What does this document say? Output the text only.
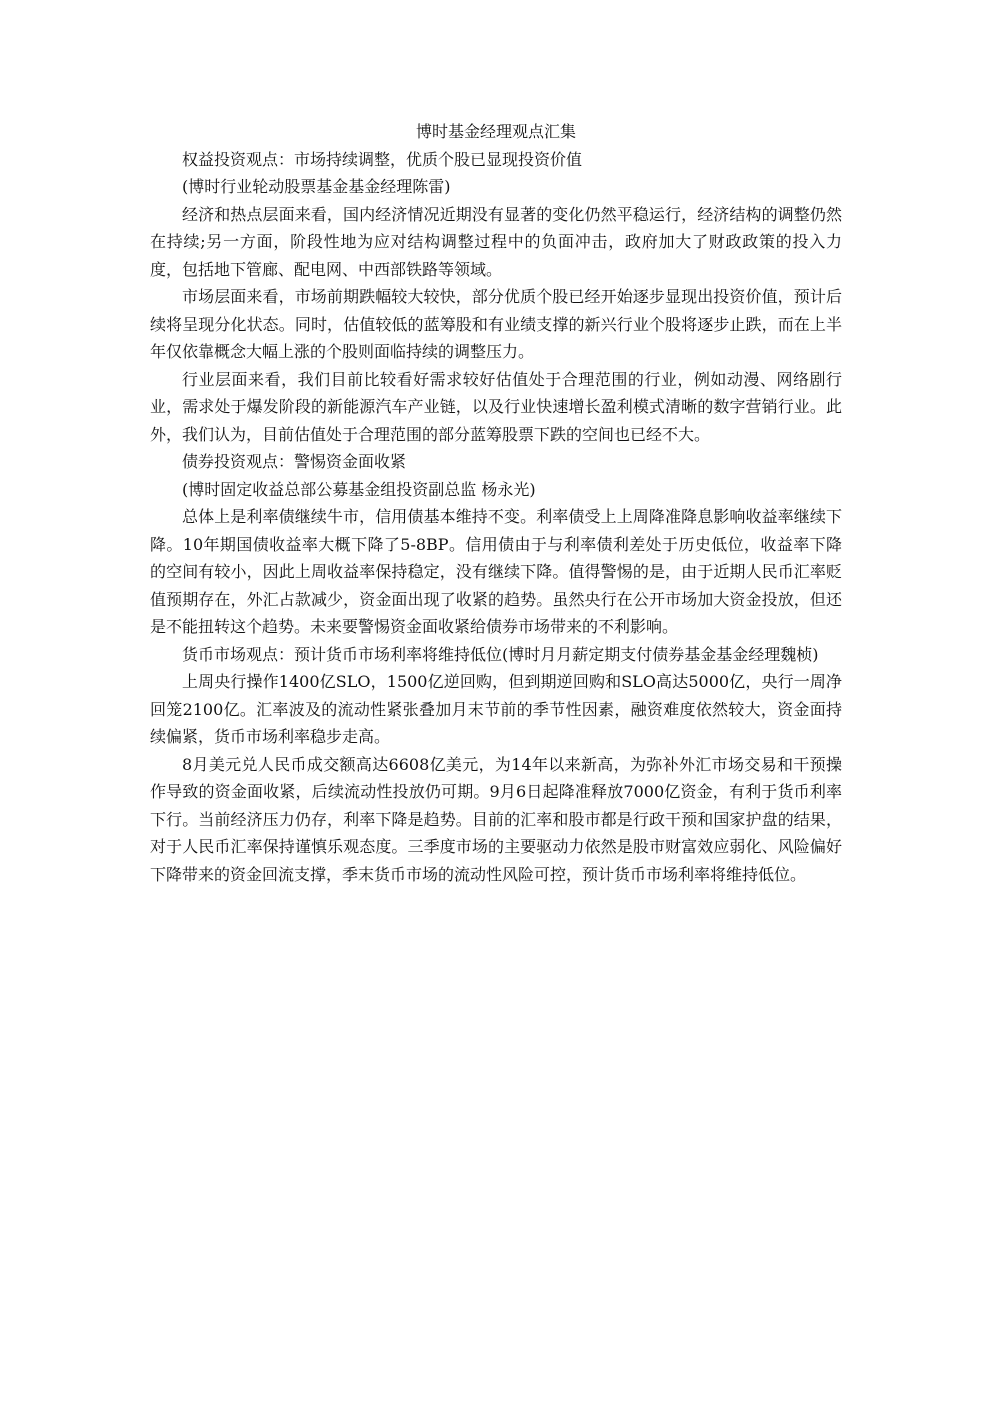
博时基金经理观点汇集

权益投资观点：市场持续调整，优质个股已显现投资价值

(博时行业轮动股票基金基金经理陈雷)

经济和热点层面来看，国内经济情况近期没有显著的变化仍然平稳运行，经济结构的调整仍然在持续;另一方面，阶段性地为应对结构调整过程中的负面冲击，政府加大了财政政策的投入力度，包括地下管廊、配电网、中西部铁路等领域。

市场层面来看，市场前期跌幅较大较快，部分优质个股已经开始逐步显现出投资价值，预计后续将呈现分化状态。同时，估值较低的蓝筹股和有业绩支撑的新兴行业个股将逐步止跌，而在上半年仅依靠概念大幅上涨的个股则面临持续的调整压力。

行业层面来看，我们目前比较看好需求较好估值处于合理范围的行业，例如动漫、网络剧行业，需求处于爆发阶段的新能源汽车产业链，以及行业快速增长盈利模式清晰的数字营销行业。此外，我们认为，目前估值处于合理范围的部分蓝筹股票下跌的空间也已经不大。

债券投资观点：警惕资金面收紧

(博时固定收益总部公募基金组投资副总监 杨永光)

总体上是利率债继续牛市，信用债基本维持不变。利率债受上上周降准降息影响收益率继续下降。10年期国债收益率大概下降了5-8BP。信用债由于与利率债利差处于历史低位，收益率下降的空间有较小，因此上周收益率保持稳定，没有继续下降。值得警惕的是，由于近期人民币汇率贬值预期存在，外汇占款减少，资金面出现了收紧的趋势。虽然央行在公开市场加大资金投放，但还是不能扭转这个趋势。未来要警惕资金面收紧给债券市场带来的不利影响。

货币市场观点：预计货币市场利率将维持低位(博时月月薪定期支付债券基金基金经理魏桢)

上周央行操作1400亿SLO，1500亿逆回购，但到期逆回购和SLO高达5000亿，央行一周净回笼2100亿。汇率波及的流动性紧张叠加月末节前的季节性因素，融资难度依然较大，资金面持续偏紧，货币市场利率稳步走高。

8月美元兑人民币成交额高达6608亿美元，为14年以来新高，为弥补外汇市场交易和干预操作导致的资金面收紧，后续流动性投放仍可期。9月6日起降准释放7000亿资金，有利于货币利率下行。当前经济压力仍存，利率下降是趋势。目前的汇率和股市都是行政干预和国家护盘的结果，对于人民币汇率保持谨慎乐观态度。三季度市场的主要驱动力依然是股市财富效应弱化、风险偏好下降带来的资金回流支撑，季末货币市场的流动性风险可控，预计货币市场利率将维持低位。
